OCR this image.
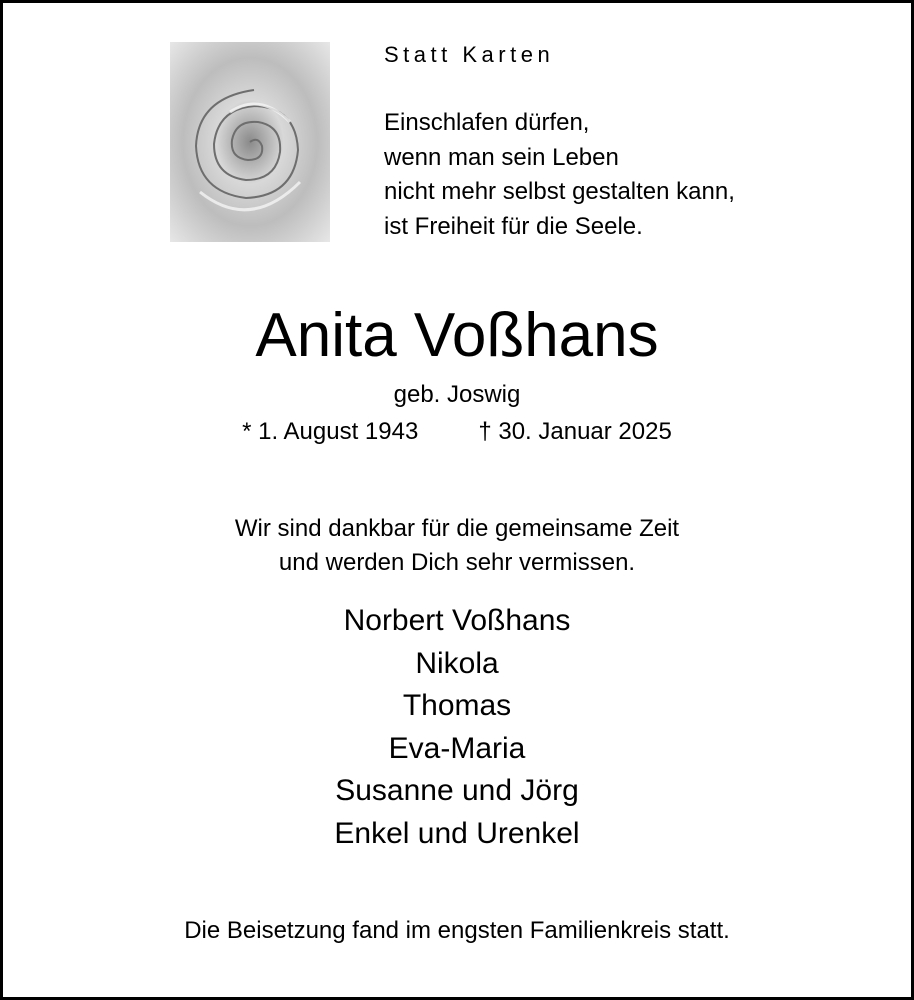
Statt Karten
Einschlafen dürfen,
wenn man sein Leben
nicht mehr selbst gestalten kann,
ist Freiheit für die Seele.
Anita Voßhans
geb. Joswig
* 1. August 1943	† 30. Januar 2025
Wir sind dankbar für die gemeinsame Zeit
und werden Dich sehr vermissen.
Norbert Voßhans
Nikola
Thomas
Eva-Maria
Susanne und Jörg
Enkel und Urenkel
Die Beisetzung fand im engsten Familienkreis statt.
